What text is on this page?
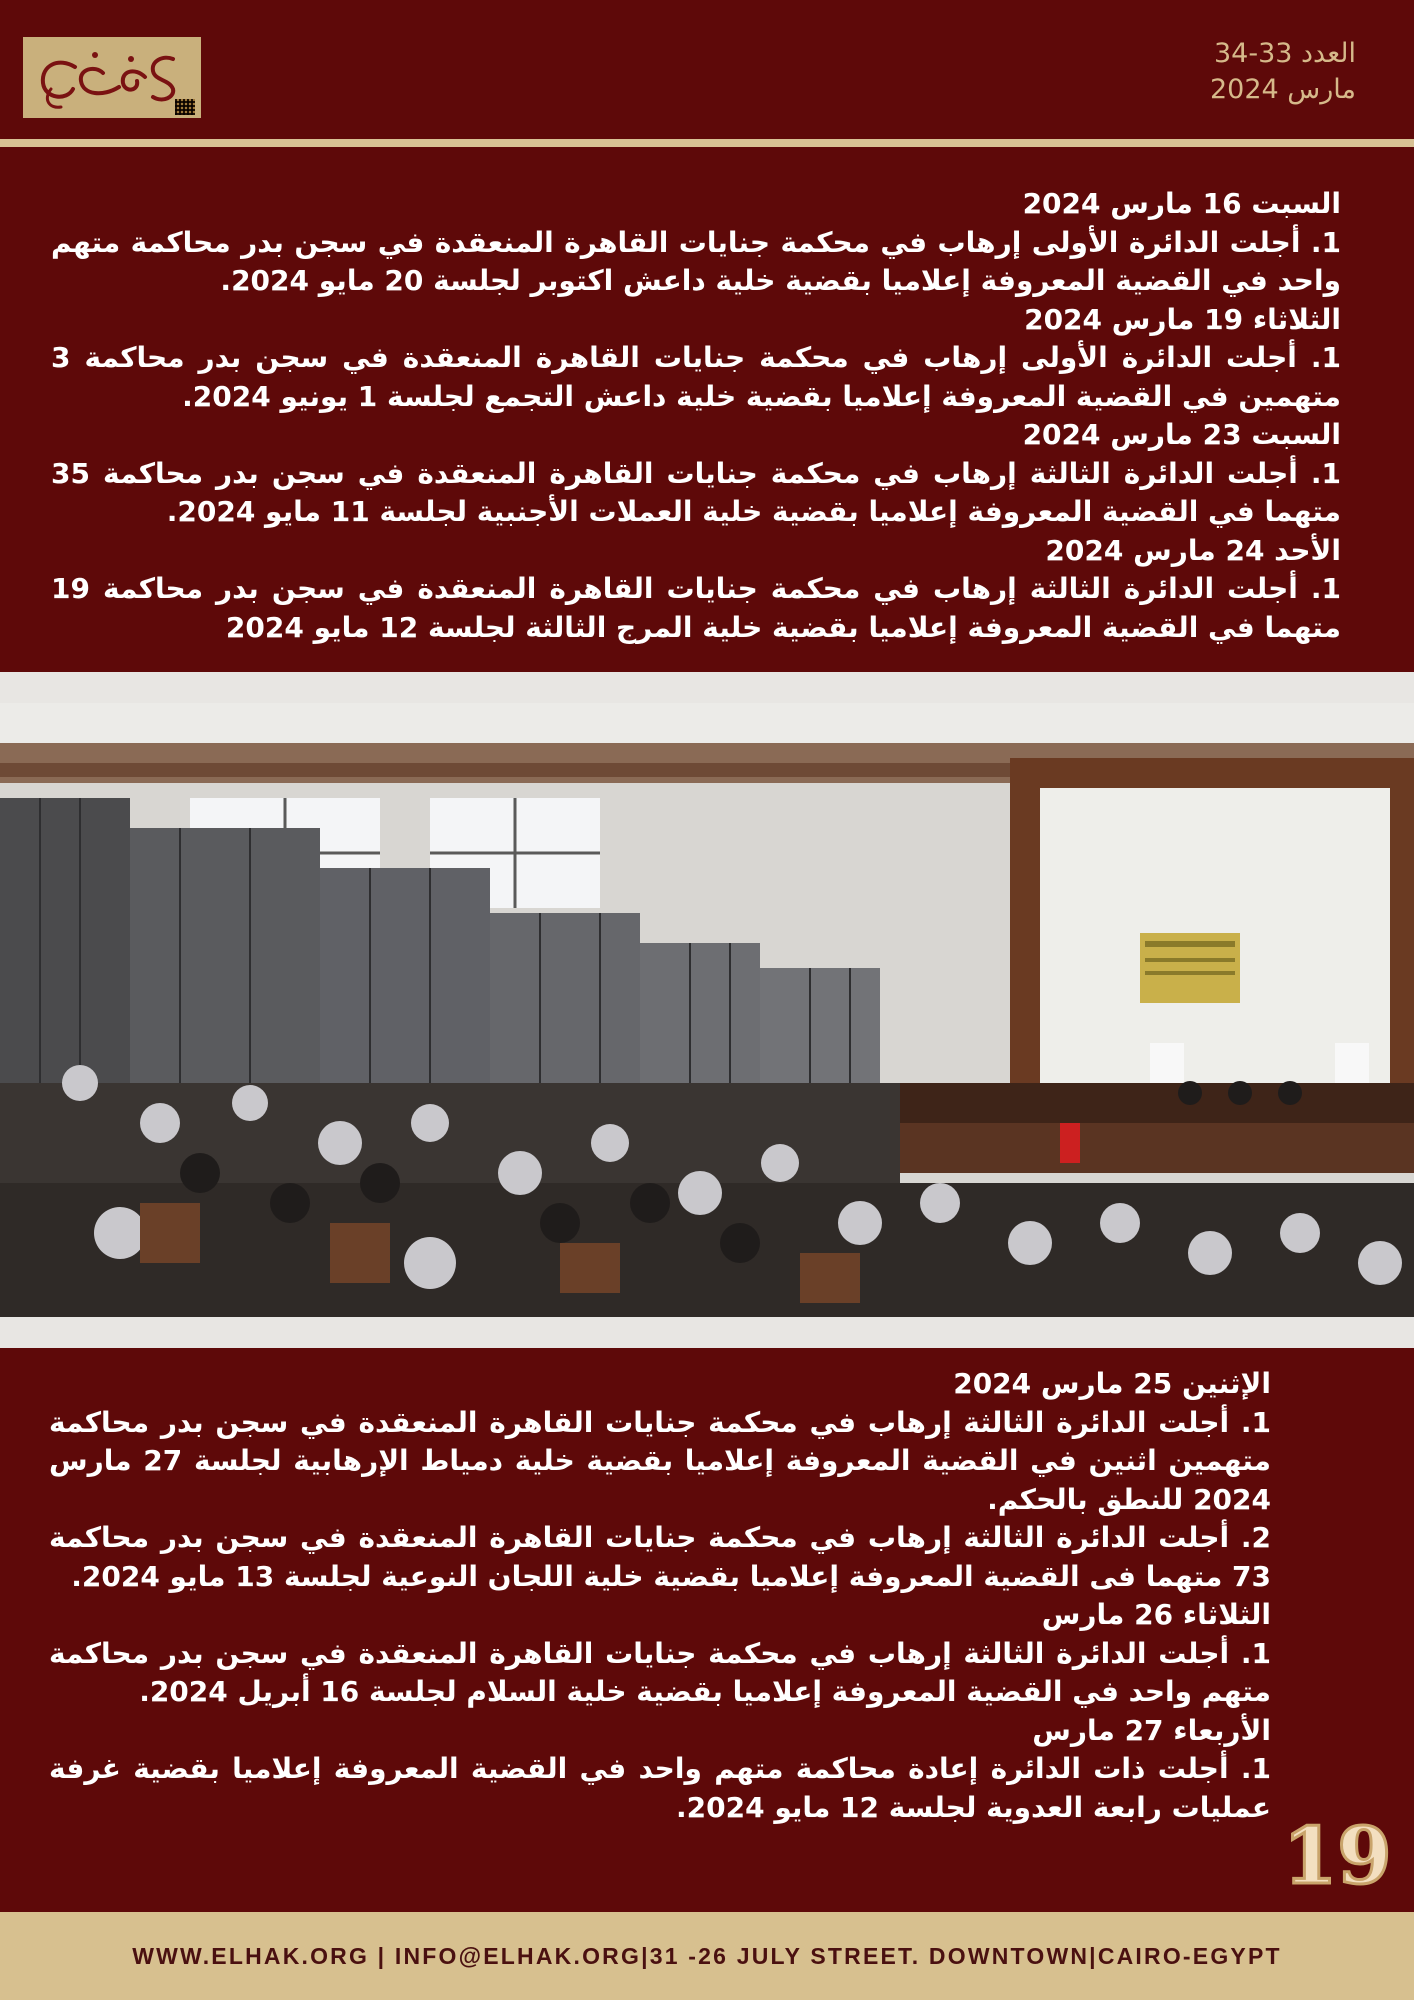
العدد 33-34
مارس 2024
السبت 16 مارس 2024
1. أجلت الدائرة الأولى إرهاب في محكمة جنايات القاهرة المنعقدة في سجن بدر محاكمة متهم واحد في القضية المعروفة إعلاميا بقضية خلية داعش اكتوبر لجلسة 20 مايو 2024.
الثلاثاء 19 مارس 2024
1. أجلت الدائرة الأولى إرهاب في محكمة جنايات القاهرة المنعقدة في سجن بدر محاكمة 3 متهمين في القضية المعروفة إعلاميا بقضية خلية داعش التجمع لجلسة 1 يونيو 2024.
السبت 23 مارس 2024
1. أجلت الدائرة الثالثة إرهاب في محكمة جنايات القاهرة المنعقدة في سجن بدر محاكمة 35 متهما في القضية المعروفة إعلاميا بقضية خلية العملات الأجنبية لجلسة 11 مايو 2024.
الأحد 24 مارس 2024
1. أجلت الدائرة الثالثة إرهاب في محكمة جنايات القاهرة المنعقدة في سجن بدر محاكمة 19 متهما في القضية المعروفة إعلاميا بقضية خلية المرج الثالثة لجلسة 12 مايو 2024
الإثنين 25 مارس 2024
1. أجلت الدائرة الثالثة إرهاب في محكمة جنايات القاهرة المنعقدة في سجن بدر محاكمة متهمين اثنين في القضية المعروفة إعلاميا بقضية خلية دمياط الإرهابية لجلسة 27 مارس 2024 للنطق بالحكم.
2. أجلت الدائرة الثالثة إرهاب في محكمة جنايات القاهرة المنعقدة في سجن بدر محاكمة 73 متهما فى القضية المعروفة إعلاميا بقضية خلية اللجان النوعية لجلسة 13 مايو 2024.
الثلاثاء 26 مارس
1. أجلت الدائرة الثالثة إرهاب في محكمة جنايات القاهرة المنعقدة في سجن بدر محاكمة متهم واحد في القضية المعروفة إعلاميا بقضية خلية السلام لجلسة 16 أبريل 2024.
الأربعاء 27 مارس
1. أجلت ذات الدائرة إعادة محاكمة متهم واحد في القضية المعروفة إعلاميا بقضية غرفة عمليات رابعة العدوية لجلسة 12 مايو 2024.
19
WWW.ELHAK.ORG | INFO@ELHAK.ORG|31 -26 JULY STREET. DOWNTOWN|CAIRO-EGYPT
